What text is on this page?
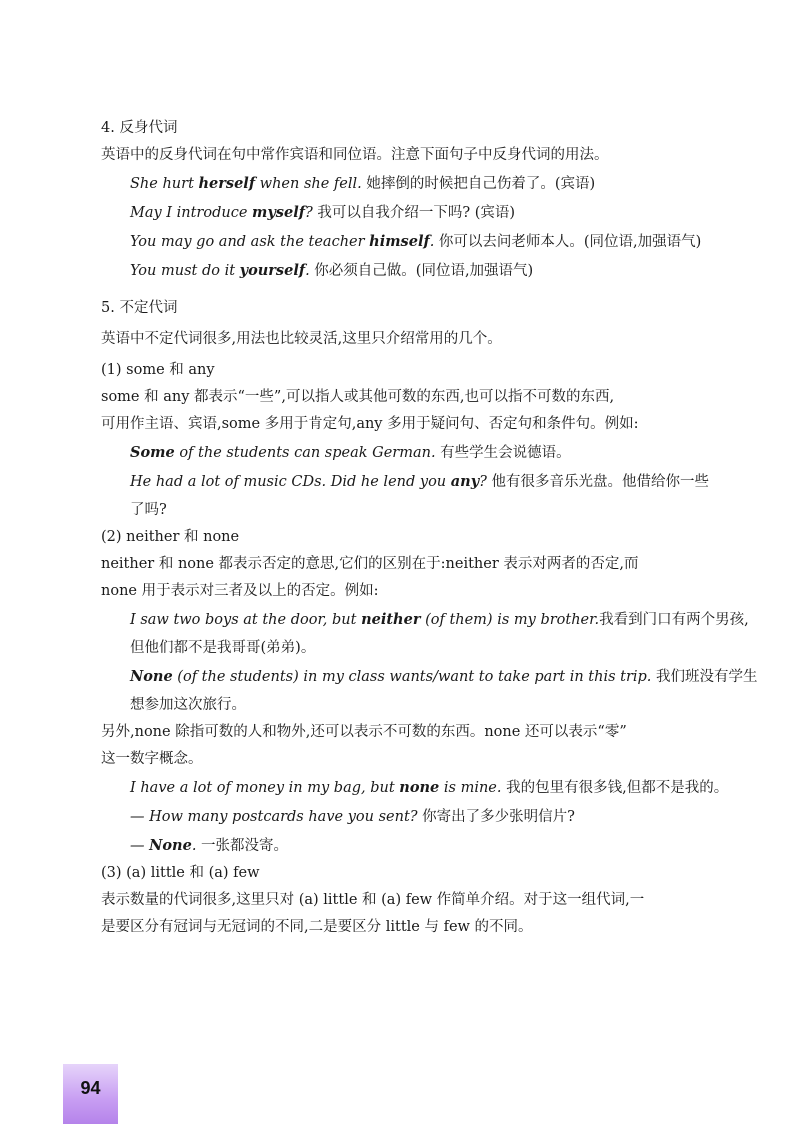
4. 反身代词
英语中的反身代词在句中常作宾语和同位语。注意下面句子中反身代词的用法。
She hurt herself when she fell. 她摔倒的时候把自己伤着了。(宾语)
May I introduce myself? 我可以自我介绍一下吗? (宾语)
You may go and ask the teacher himself. 你可以去问老师本人。(同位语,加强语气)
You must do it yourself. 你必须自己做。(同位语,加强语气)
5. 不定代词
英语中不定代词很多,用法也比较灵活,这里只介绍常用的几个。
(1) some 和 any
some 和 any 都表示“一些”,可以指人或其他可数的东西,也可以指不可数的东西,
可用作主语、宾语,some 多用于肯定句,any 多用于疑问句、否定句和条件句。例如:
Some of the students can speak German. 有些学生会说德语。
He had a lot of music CDs. Did he lend you any? 他有很多音乐光盘。他借给你一些
了吗?
(2) neither 和 none
neither 和 none 都表示否定的意思,它们的区别在于:neither 表示对两者的否定,而
none 用于表示对三者及以上的否定。例如:
I saw two boys at the door, but neither (of them) is my brother.我看到门口有两个男孩,
但他们都不是我哥哥(弟弟)。
None (of the students) in my class wants/want to take part in this trip. 我们班没有学生
想参加这次旅行。
另外,none 除指可数的人和物外,还可以表示不可数的东西。none 还可以表示“零”
这一数字概念。
I have a lot of money in my bag, but none is mine. 我的包里有很多钱,但都不是我的。
— How many postcards have you sent? 你寄出了多少张明信片?
— None. 一张都没寄。
(3) (a) little 和 (a) few
表示数量的代词很多,这里只对 (a) little 和 (a) few 作简单介绍。对于这一组代词,一
是要区分有冠词与无冠词的不同,二是要区分 little 与 few 的不同。
94
